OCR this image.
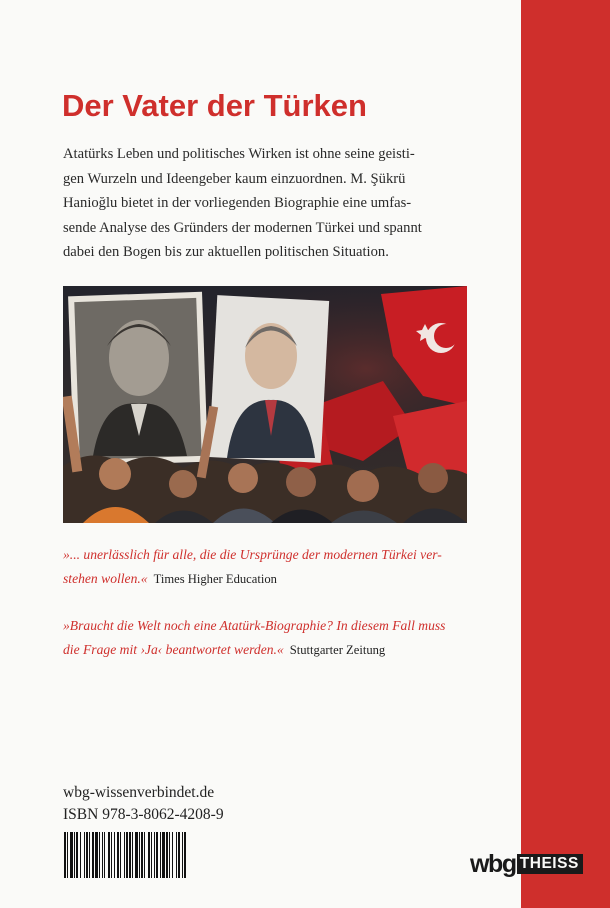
Der Vater der Türken
Atatürks Leben und politisches Wirken ist ohne seine geisti-
gen Wurzeln und Ideengeber kaum einzuordnen. M. Şükrü
Hanioğlu bietet in der vorliegenden Biographie eine umfas-
sende Analyse des Gründers der modernen Türkei und spannt
dabei den Bogen bis zur aktuellen politischen Situation.
»... unerlässlich für alle, die die Ursprünge der modernen Türkei ver-
stehen wollen.« Times Higher Education
»Braucht die Welt noch eine Atatürk-Biographie? In diesem Fall muss
die Frage mit ›Ja‹ beantwortet werden.« Stuttgarter Zeitung
wbg-wissenverbindet.de
ISBN 978-3-8062-4208-9
wbg THEISS
